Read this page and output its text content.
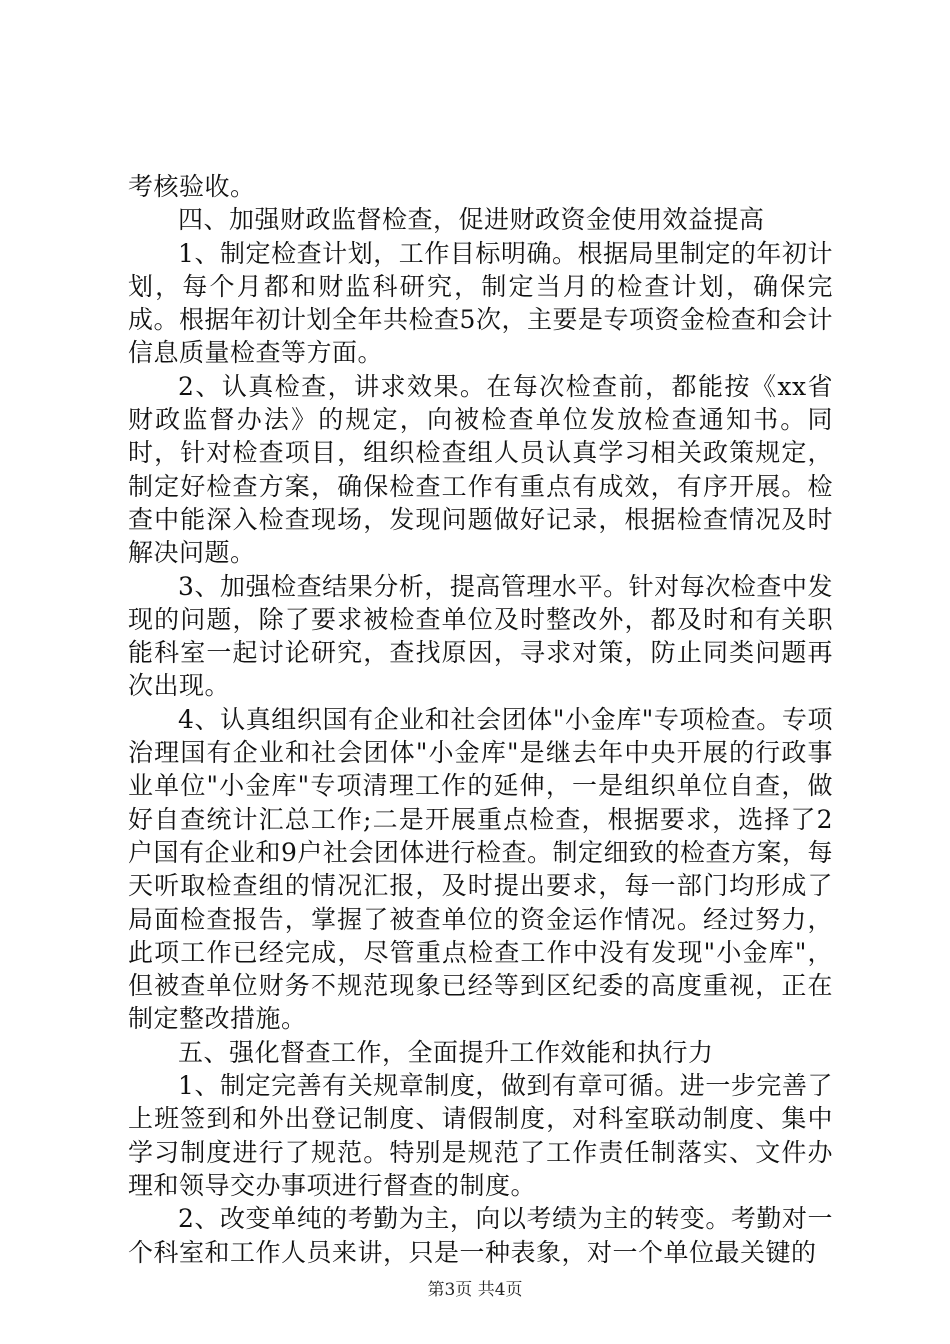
考核验收。

四、加强财政监督检查，促进财政资金使用效益提高

1、制定检查计划，工作目标明确。根据局里制定的年初计划，每个月都和财监科研究，制定当月的检查计划，确保完成。根据年初计划全年共检查5次，主要是专项资金检查和会计信息质量检查等方面。

2、认真检查，讲求效果。在每次检查前，都能按《xx省财政监督办法》的规定，向被检查单位发放检查通知书。同时，针对检查项目，组织检查组人员认真学习相关政策规定，制定好检查方案，确保检查工作有重点有成效，有序开展。检查中能深入检查现场，发现问题做好记录，根据检查情况及时解决问题。

3、加强检查结果分析，提高管理水平。针对每次检查中发现的问题，除了要求被检查单位及时整改外，都及时和有关职能科室一起讨论研究，查找原因，寻求对策，防止同类问题再次出现。

4、认真组织国有企业和社会团体"小金库"专项检查。专项治理国有企业和社会团体"小金库"是继去年中央开展的行政事业单位"小金库"专项清理工作的延伸，一是组织单位自查，做好自查统计汇总工作;二是开展重点检查，根据要求，选择了2户国有企业和9户社会团体进行检查。制定细致的检查方案，每天听取检查组的情况汇报，及时提出要求，每一部门均形成了局面检查报告，掌握了被查单位的资金运作情况。经过努力，此项工作已经完成，尽管重点检查工作中没有发现"小金库"，但被查单位财务不规范现象已经等到区纪委的高度重视，正在制定整改措施。

五、强化督查工作，全面提升工作效能和执行力

1、制定完善有关规章制度，做到有章可循。进一步完善了上班签到和外出登记制度、请假制度，对科室联动制度、集中学习制度进行了规范。特别是规范了工作责任制落实、文件办理和领导交办事项进行督查的制度。

2、改变单纯的考勤为主，向以考绩为主的转变。考勤对一个科室和工作人员来讲，只是一种表象，对一个单位最关键的

第3页 共4页
